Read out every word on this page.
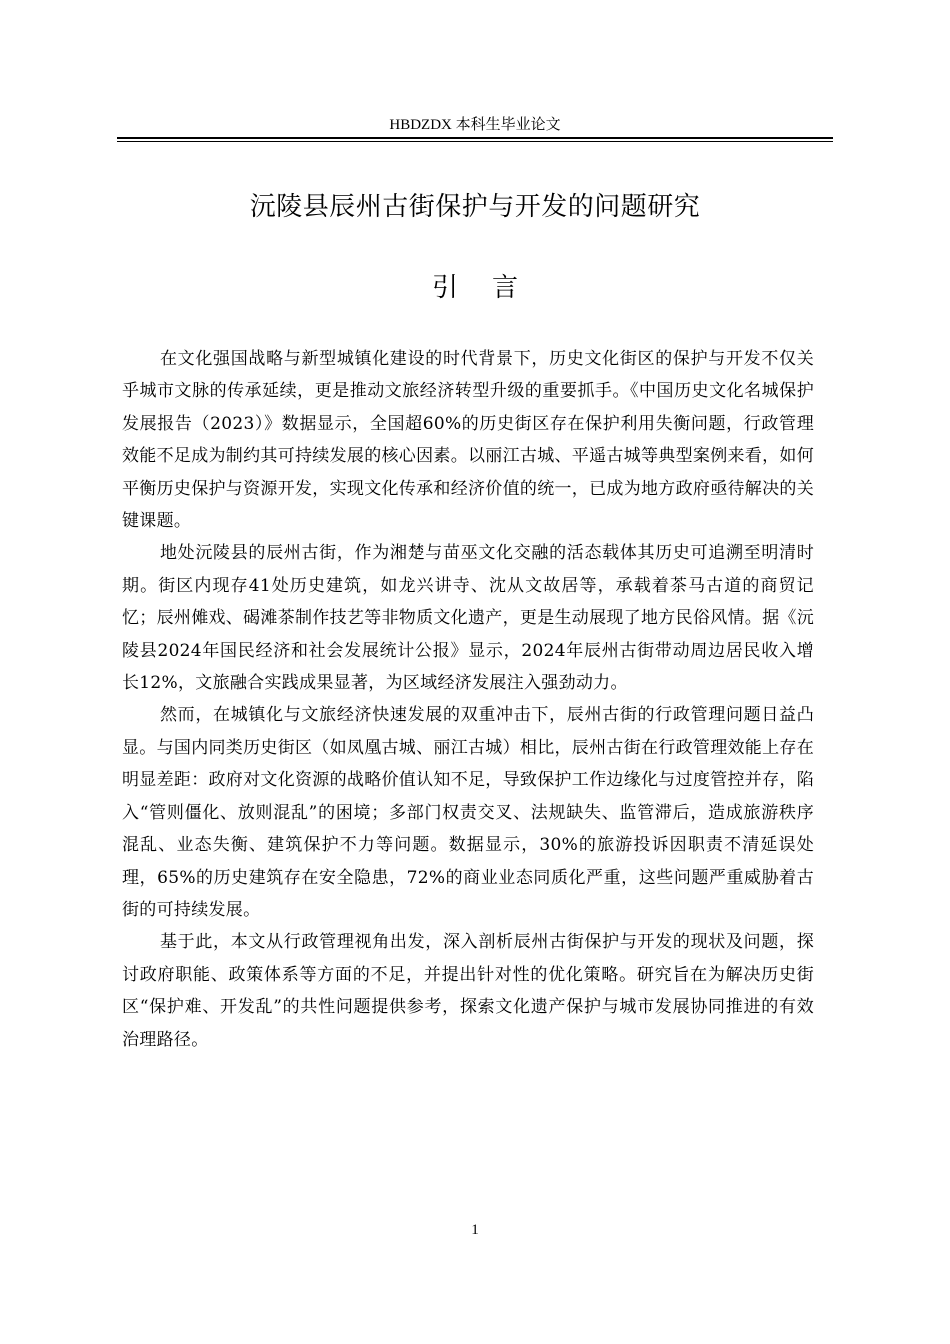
HBDZDX 本科生毕业论文
沅陵县辰州古街保护与开发的问题研究
引言

在文化强国战略与新型城镇化建设的时代背景下，历史文化街区的保护与开发不仅关乎城市文脉的传承延续，更是推动文旅经济转型升级的重要抓手。《中国历史文化名城保护发展报告（2023）》数据显示，全国超60%的历史街区存在保护利用失衡问题，行政管理效能不足成为制约其可持续发展的核心因素。以丽江古城、平遥古城等典型案例来看，如何平衡历史保护与资源开发，实现文化传承和经济价值的统一，已成为地方政府亟待解决的关键课题。

地处沅陵县的辰州古街，作为湘楚与苗巫文化交融的活态载体其历史可追溯至明清时期。街区内现存41处历史建筑，如龙兴讲寺、沈从文故居等，承载着茶马古道的商贸记忆；辰州傩戏、碣滩茶制作技艺等非物质文化遗产，更是生动展现了地方民俗风情。据《沅陵县2024年国民经济和社会发展统计公报》显示，2024年辰州古街带动周边居民收入增长12%，文旅融合实践成果显著，为区域经济发展注入强劲动力。

然而，在城镇化与文旅经济快速发展的双重冲击下，辰州古街的行政管理问题日益凸显。与国内同类历史街区（如凤凰古城、丽江古城）相比，辰州古街在行政管理效能上存在明显差距：政府对文化资源的战略价值认知不足，导致保护工作边缘化与过度管控并存，陷入“管则僵化、放则混乱”的困境；多部门权责交叉、法规缺失、监管滞后，造成旅游秩序混乱、业态失衡、建筑保护不力等问题。数据显示，30%的旅游投诉因职责不清延误处理，65%的历史建筑存在安全隐患，72%的商业业态同质化严重，这些问题严重威胁着古街的可持续发展。

基于此，本文从行政管理视角出发，深入剖析辰州古街保护与开发的现状及问题，探讨政府职能、政策体系等方面的不足，并提出针对性的优化策略。研究旨在为解决历史街区“保护难、开发乱”的共性问题提供参考，探索文化遗产保护与城市发展协同推进的有效治理路径。

1
